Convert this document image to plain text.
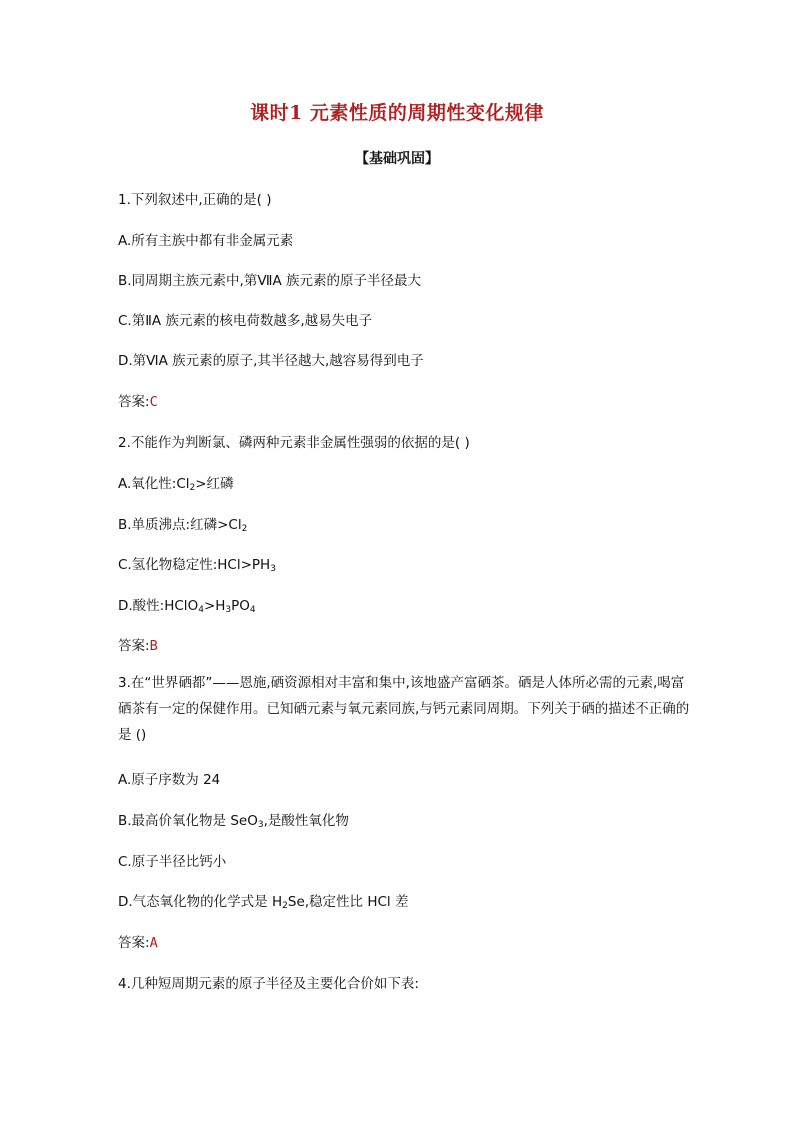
课时1 元素性质的周期性变化规律
【基础巩固】
1.下列叙述中,正确的是( )
A.所有主族中都有非金属元素
B.同周期主族元素中,第ⅦA 族元素的原子半径最大
C.第ⅡA 族元素的核电荷数越多,越易失电子
D.第ⅥA 族元素的原子,其半径越大,越容易得到电子
答案:C
2.不能作为判断氯、磷两种元素非金属性强弱的依据的是( )
A.氧化性$:Cl_2>$红磷
B.单质沸点:红磷$>Cl_2$
C.氢化物稳定性$:HCl>PH_3$
D.酸性$:HClO_4>H_3PO_4$
答案:B
3.在“世界硒都”——恩施,硒资源相对丰富和集中,该地盛产富硒茶。硒是人体所必需的元素,喝富硒茶有一定的保健作用。已知硒元素与氧元素同族,与钙元素同周期。下列关于硒的描述不正确的是 ()
A.原子序数为 24
B.最高价氧化物是 SeO$_3$,是酸性氧化物
C.原子半径比钙小
D.气态氧化物的化学式是 $H_2Se$,稳定性比 HCl 差
答案:A
4.几种短周期元素的原子半径及主要化合价如下表:
